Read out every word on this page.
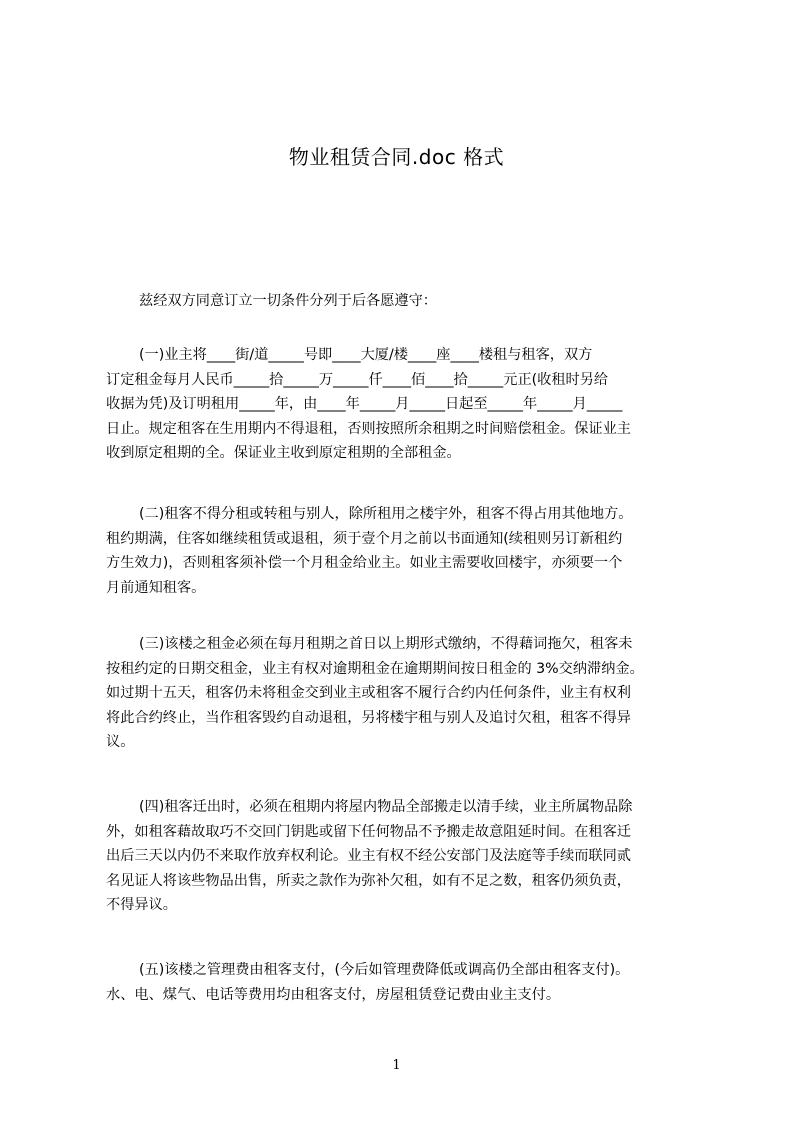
物业租赁合同.doc 格式

兹经双方同意订立一切条件分列于后各愿遵守：

(一)业主将____街/道_____号即____大厦/楼____座____楼租与租客，双方
订定租金每月人民币_____拾_____万_____仟____佰____拾_____元正(收租时另给
收据为凭)及订明租用_____年，由____年_____月_____日起至_____年_____月_____
日止。规定租客在生用期内不得退租，否则按照所余租期之时间赔偿租金。保证业主
收到原定租期的全。保证业主收到原定租期的全部租金。

(二)租客不得分租或转租与别人，除所租用之楼宇外，租客不得占用其他地方。
租约期满，住客如继续租赁或退租，须于壹个月之前以书面通知(续租则另订新租约
方生效力)，否则租客须补偿一个月租金给业主。如业主需要收回楼宇，亦须要一个
月前通知租客。

(三)该楼之租金必须在每月租期之首日以上期形式缴纳，不得藉词拖欠，租客未
按租约定的日期交租金，业主有权对逾期租金在逾期期间按日租金的 3%交纳滞纳金。
如过期十五天，租客仍未将租金交到业主或租客不履行合约内任何条件，业主有权利
将此合约终止，当作租客毁约自动退租，另将楼宇租与别人及追讨欠租，租客不得异
议。

(四)租客迁出时，必须在租期内将屋内物品全部搬走以清手续，业主所属物品除
外，如租客藉故取巧不交回门钥匙或留下任何物品不予搬走故意阻延时间。在租客迁
出后三天以内仍不来取作放弃权利论。业主有权不经公安部门及法庭等手续而联同贰
名见证人将该些物品出售，所卖之款作为弥补欠租，如有不足之数，租客仍须负责，
不得异议。

(五)该楼之管理费由租客支付，(今后如管理费降低或调高仍全部由租客支付)。
水、电、煤气、电话等费用均由租客支付，房屋租赁登记费由业主支付。

1
